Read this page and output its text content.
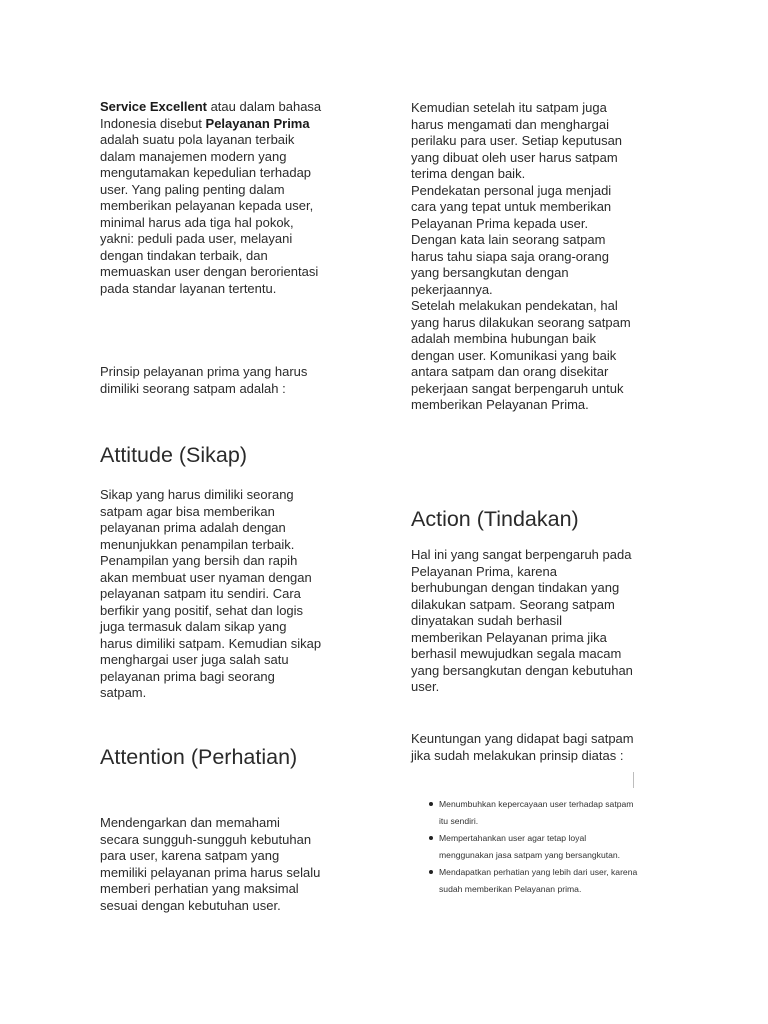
Service Excellent atau dalam bahasa Indonesia disebut Pelayanan Prima adalah suatu pola layanan terbaik dalam manajemen modern yang mengutamakan kepedulian terhadap user. Yang paling penting dalam memberikan pelayanan kepada user, minimal harus ada tiga hal pokok, yakni: peduli pada user, melayani dengan tindakan terbaik, dan memuaskan user dengan berorientasi pada standar layanan tertentu.

Prinsip pelayanan prima yang harus dimiliki seorang satpam adalah :

Attitude (Sikap)

Sikap yang harus dimiliki seorang satpam agar bisa memberikan pelayanan prima adalah dengan menunjukkan penampilan terbaik. Penampilan yang bersih dan rapih akan membuat user nyaman dengan pelayanan satpam itu sendiri. Cara berfikir yang positif, sehat dan logis juga termasuk dalam sikap yang harus dimiliki satpam. Kemudian sikap menghargai user juga salah satu pelayanan prima bagi seorang satpam.

Attention (Perhatian)

Mendengarkan dan memahami secara sungguh-sungguh kebutuhan para user, karena satpam yang memiliki pelayanan prima harus selalu memberi perhatian yang maksimal sesuai dengan kebutuhan user.

Kemudian setelah itu satpam juga harus mengamati dan menghargai perilaku para user. Setiap keputusan yang dibuat oleh user harus satpam terima dengan baik.
Pendekatan personal juga menjadi cara yang tepat untuk memberikan Pelayanan Prima kepada user. Dengan kata lain seorang satpam harus tahu siapa saja orang-orang yang bersangkutan dengan pekerjaannya.
Setelah melakukan pendekatan, hal yang harus dilakukan seorang satpam adalah membina hubungan baik dengan user. Komunikasi yang baik antara satpam dan orang disekitar pekerjaan sangat berpengaruh untuk memberikan Pelayanan Prima.

Action (Tindakan)

Hal ini yang sangat berpengaruh pada Pelayanan Prima, karena berhubungan dengan tindakan yang dilakukan satpam. Seorang satpam dinyatakan sudah berhasil memberikan Pelayanan prima jika berhasil mewujudkan segala macam yang bersangkutan dengan kebutuhan user.

Keuntungan yang didapat bagi satpam jika sudah melakukan prinsip diatas :

Menumbuhkan kepercayaan user terhadap satpam itu sendiri.
Mempertahankan user agar tetap loyal menggunakan jasa satpam yang bersangkutan.
Mendapatkan perhatian yang lebih dari user, karena sudah memberikan Pelayanan prima.
